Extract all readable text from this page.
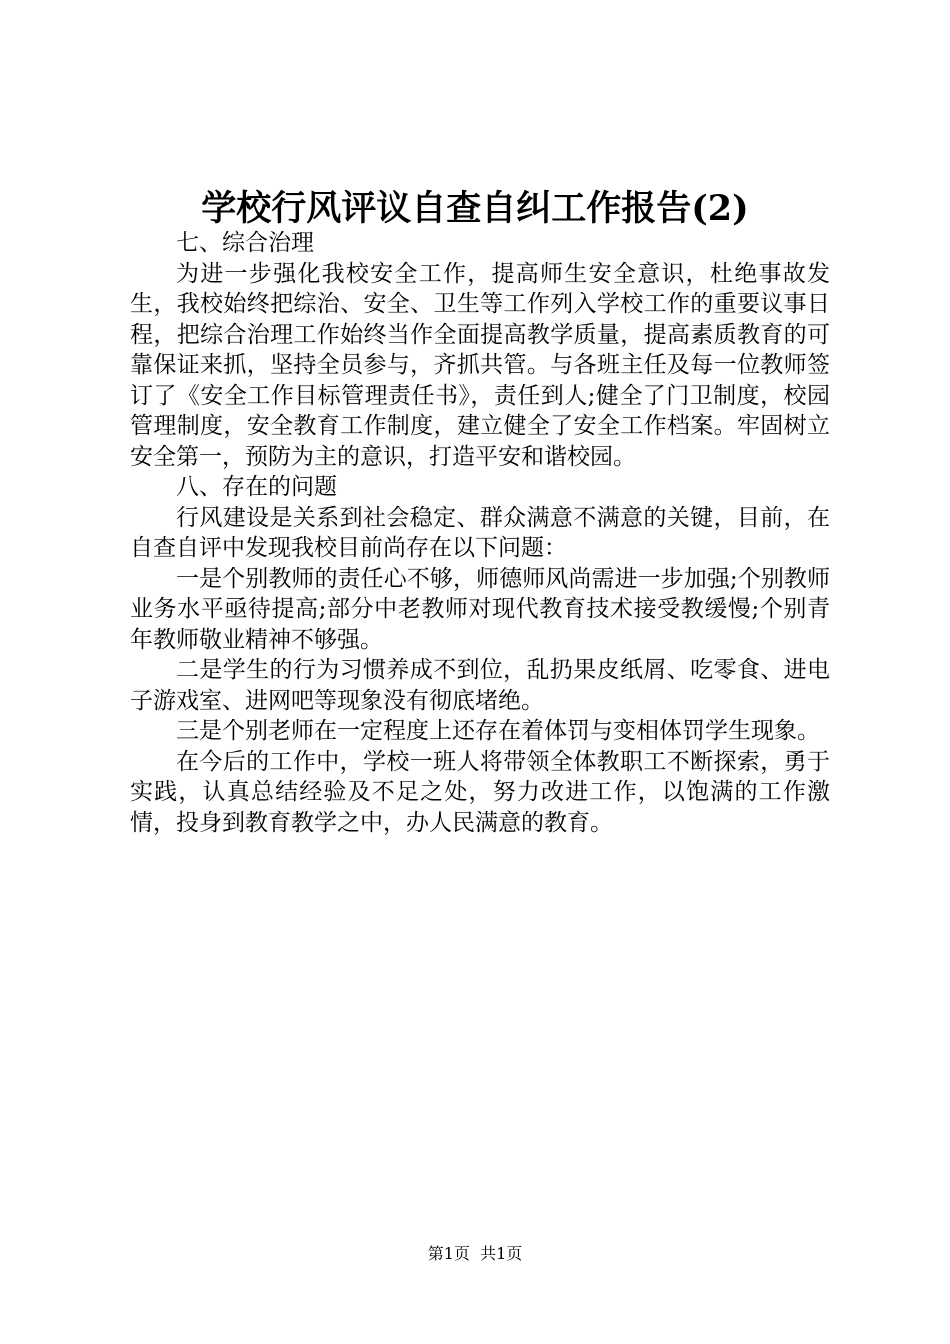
学校行风评议自查自纠工作报告(2)

七、综合治理

为进一步强化我校安全工作，提高师生安全意识，杜绝事故发生，我校始终把综治、安全、卫生等工作列入学校工作的重要议事日程，把综合治理工作始终当作全面提高教学质量，提高素质教育的可靠保证来抓，坚持全员参与，齐抓共管。与各班主任及每一位教师签订了《安全工作目标管理责任书》，责任到人;健全了门卫制度，校园管理制度，安全教育工作制度，建立健全了安全工作档案。牢固树立安全第一，预防为主的意识，打造平安和谐校园。

八、存在的问题

行风建设是关系到社会稳定、群众满意不满意的关键，目前，在自查自评中发现我校目前尚存在以下问题：

一是个别教师的责任心不够，师德师风尚需进一步加强;个别教师业务水平亟待提高;部分中老教师对现代教育技术接受教缓慢;个别青年教师敬业精神不够强。

二是学生的行为习惯养成不到位，乱扔果皮纸屑、吃零食、进电子游戏室、进网吧等现象没有彻底堵绝。

三是个别老师在一定程度上还存在着体罚与变相体罚学生现象。

在今后的工作中，学校一班人将带领全体教职工不断探索，勇于实践，认真总结经验及不足之处，努力改进工作，以饱满的工作激情，投身到教育教学之中，办人民满意的教育。

第1页  共1页
